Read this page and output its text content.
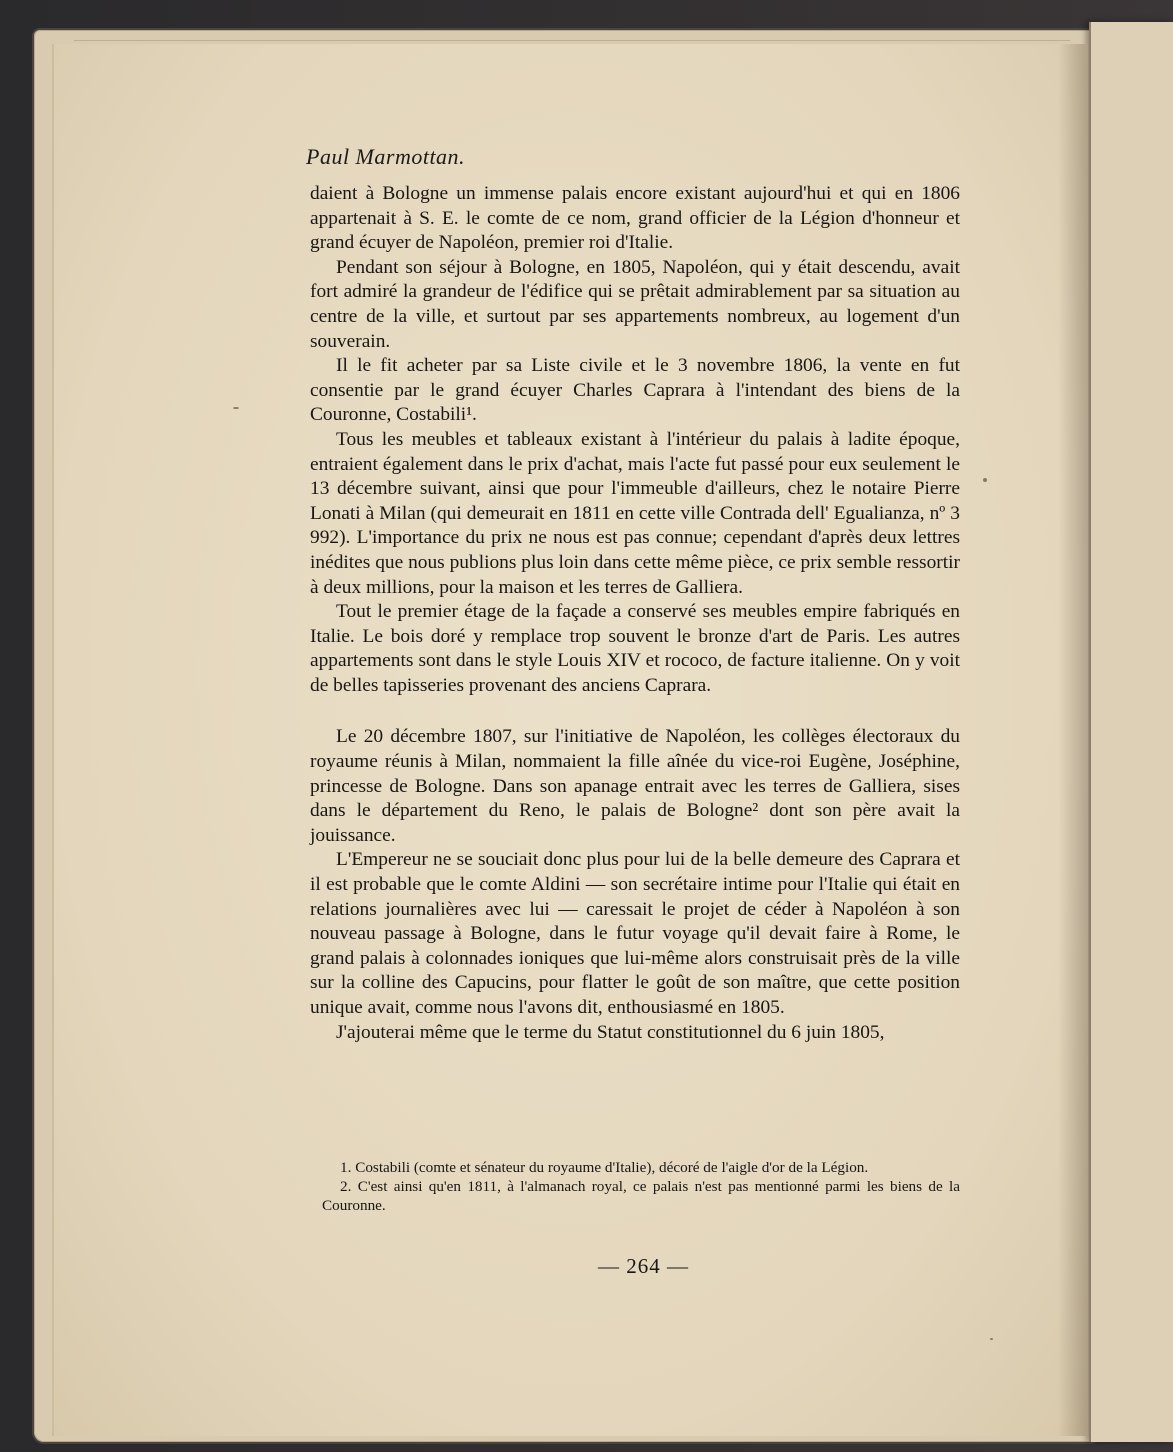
Paul Marmottan.

daient à Bologne un immense palais encore existant aujourd'hui et qui en 1806 appartenait à S. E. le comte de ce nom, grand officier de la Légion d'honneur et grand écuyer de Napoléon, premier roi d'Italie.

Pendant son séjour à Bologne, en 1805, Napoléon, qui y était descendu, avait fort admiré la grandeur de l'édifice qui se prêtait admirablement par sa situation au centre de la ville, et surtout par ses appartements nombreux, au logement d'un souverain.

Il le fit acheter par sa Liste civile et le 3 novembre 1806, la vente en fut consentie par le grand écuyer Charles Caprara à l'intendant des biens de la Couronne, Costabili¹.

Tous les meubles et tableaux existant à l'intérieur du palais à ladite époque, entraient également dans le prix d'achat, mais l'acte fut passé pour eux seulement le 13 décembre suivant, ainsi que pour l'immeuble d'ailleurs, chez le notaire Pierre Lonati à Milan (qui demeurait en 1811 en cette ville Contrada dell' Egualianza, nº 3 992). L'importance du prix ne nous est pas connue; cependant d'après deux lettres inédites que nous publions plus loin dans cette même pièce, ce prix semble ressortir à deux millions, pour la maison et les terres de Galliera.

Tout le premier étage de la façade a conservé ses meubles empire fabriqués en Italie. Le bois doré y remplace trop souvent le bronze d'art de Paris. Les autres appartements sont dans le style Louis XIV et rococo, de facture italienne. On y voit de belles tapisseries provenant des anciens Caprara.

Le 20 décembre 1807, sur l'initiative de Napoléon, les collèges électoraux du royaume réunis à Milan, nommaient la fille aînée du vice-roi Eugène, Joséphine, princesse de Bologne. Dans son apanage entrait avec les terres de Galliera, sises dans le département du Reno, le palais de Bologne² dont son père avait la jouissance.

L'Empereur ne se souciait donc plus pour lui de la belle demeure des Caprara et il est probable que le comte Aldini — son secrétaire intime pour l'Italie qui était en relations journalières avec lui — caressait le projet de céder à Napoléon à son nouveau passage à Bologne, dans le futur voyage qu'il devait faire à Rome, le grand palais à colonnades ioniques que lui-même alors construisait près de la ville sur la colline des Capucins, pour flatter le goût de son maître, que cette position unique avait, comme nous l'avons dit, enthousiasmé en 1805.

J'ajouterai même que le terme du Statut constitutionnel du 6 juin 1805,

1. Costabili (comte et sénateur du royaume d'Italie), décoré de l'aigle d'or de la Légion.

2. C'est ainsi qu'en 1811, à l'almanach royal, ce palais n'est pas mentionné parmi les biens de la Couronne.

— 264 —
